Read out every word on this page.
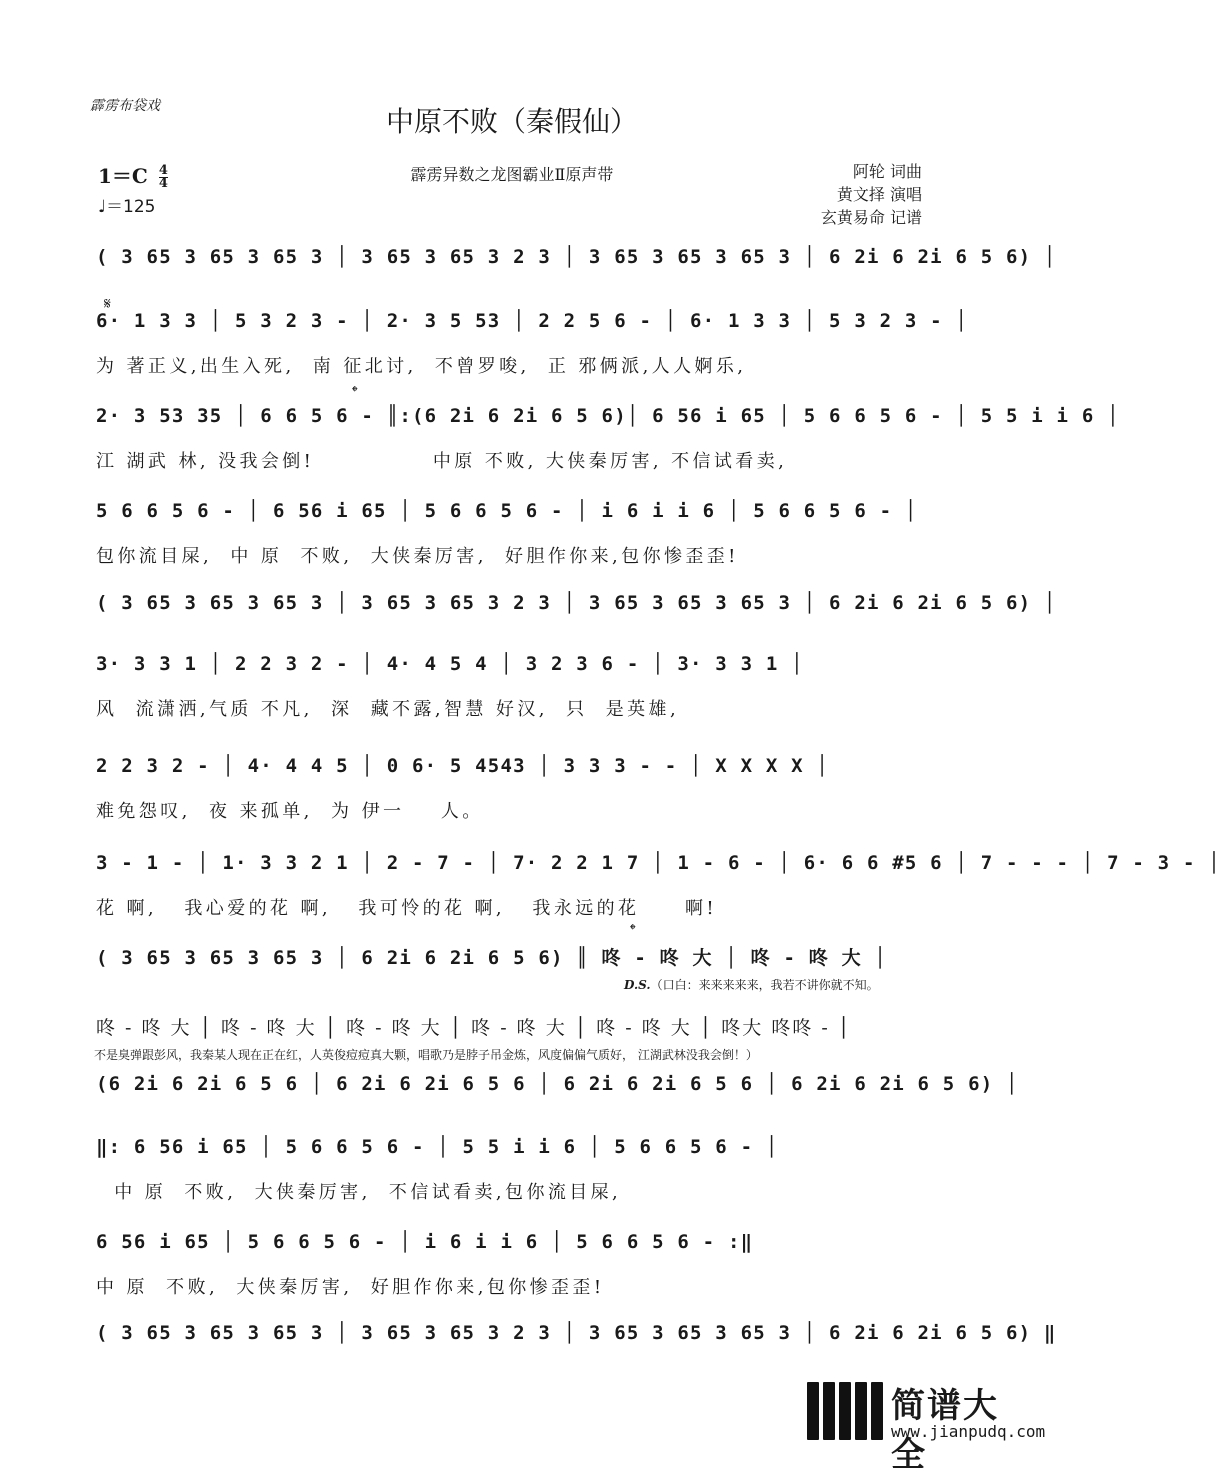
霹雳布袋戏	中原不败（秦假仙）
$1=C \frac{4}{4}$
♩＝125
霹雳异数之龙图霸业Ⅱ原声带	阿轮 词曲
黄文择 演唱
玄黄易命 记谱
𝄋
𝄌
𝄌
( 3 65 3 65 3 65 3 │ 3 65 3 65 3 2 3 │ 3 65 3 65 3 65 3 │ 6 2i 6 2i 6 5 6) │
6· 1 3 3 │ 5 3 2 3 - │ 2· 3 5 53 │ 2 2 5 6 - │ 6· 1 3 3 │ 5 3 2 3 - │
为 著正义,出生入死,  南 征北讨,  不曾罗唆,  正 邪俩派,人人婀乐,
2· 3 53 35 │ 6 6 5 6 - ║:(6 2i 6 2i 6 5 6)│ 6 56 i 65 │ 5 6 6 5 6 - │ 5 5 i i 6 │
江 湖武 林, 没我会倒!             中原 不败, 大侠秦厉害, 不信试看卖,
5 6 6 5 6 - │ 6 56 i 65 │ 5 6 6 5 6 - │ i 6 i i 6 │ 5 6 6 5 6 - │
包你流目屎,  中 原  不败,  大侠秦厉害,  好胆作你来,包你惨歪歪!
( 3 65 3 65 3 65 3 │ 3 65 3 65 3 2 3 │ 3 65 3 65 3 65 3 │ 6 2i 6 2i 6 5 6) │
3· 3 3 1 │ 2 2 3 2 - │ 4· 4 5 4 │ 3 2 3 6 - │ 3· 3 3 1 │
风  流潇洒,气质 不凡,  深  藏不露,智慧 好汉,  只  是英雄,
2 2 3 2 - │ 4· 4 4 5 │ 0 6· 5 4543 │ 3 3 3 - - │ X X X X │
难免怨叹,  夜 来孤单,  为 伊一    人。
3 - 1 - │ 1· 3 3 2 1 │ 2 - 7 - │ 7· 2 2 1 7 │ 1 - 6 - │ 6· 6 6 #5 6 │ 7 - - - │ 7 - 3 - │
花 啊,   我心爱的花 啊,   我可怜的花 啊,   我永远的花     啊!
( 3 65 3 65 3 65 3 │ 6 2i 6 2i 6 5 6) ║ 咚 - 咚 大 │ 咚 - 咚 大 │
D.S.（口白：来来来来来，我若不讲你就不知。
咚 - 咚 大 │ 咚 - 咚 大 │ 咚 - 咚 大 │ 咚 - 咚 大 │ 咚 - 咚 大 │ 咚大 咚咚 - │
不是臭弹跟彭风，我秦某人现在正在红，人英俊痘痘真大颗，唱歌乃是脖子吊金炼，风度偏偏气质好， 江湖武林没我会倒！）
(6 2i 6 2i 6 5 6 │ 6 2i 6 2i 6 5 6 │ 6 2i 6 2i 6 5 6 │ 6 2i 6 2i 6 5 6) │
‖: 6 56 i 65 │ 5 6 6 5 6 - │ 5 5 i i 6 │ 5 6 6 5 6 - │
中 原  不败,  大侠秦厉害,  不信试看卖,包你流目屎,
6 56 i 65 │ 5 6 6 5 6 - │ i 6 i i 6 │ 5 6 6 5 6 - :‖
中 原  不败,  大侠秦厉害,  好胆作你来,包你惨歪歪!
( 3 65 3 65 3 65 3 │ 3 65 3 65 3 2 3 │ 3 65 3 65 3 65 3 │ 6 2i 6 2i 6 5 6) ‖
简谱大全
www.jianpudq.com
